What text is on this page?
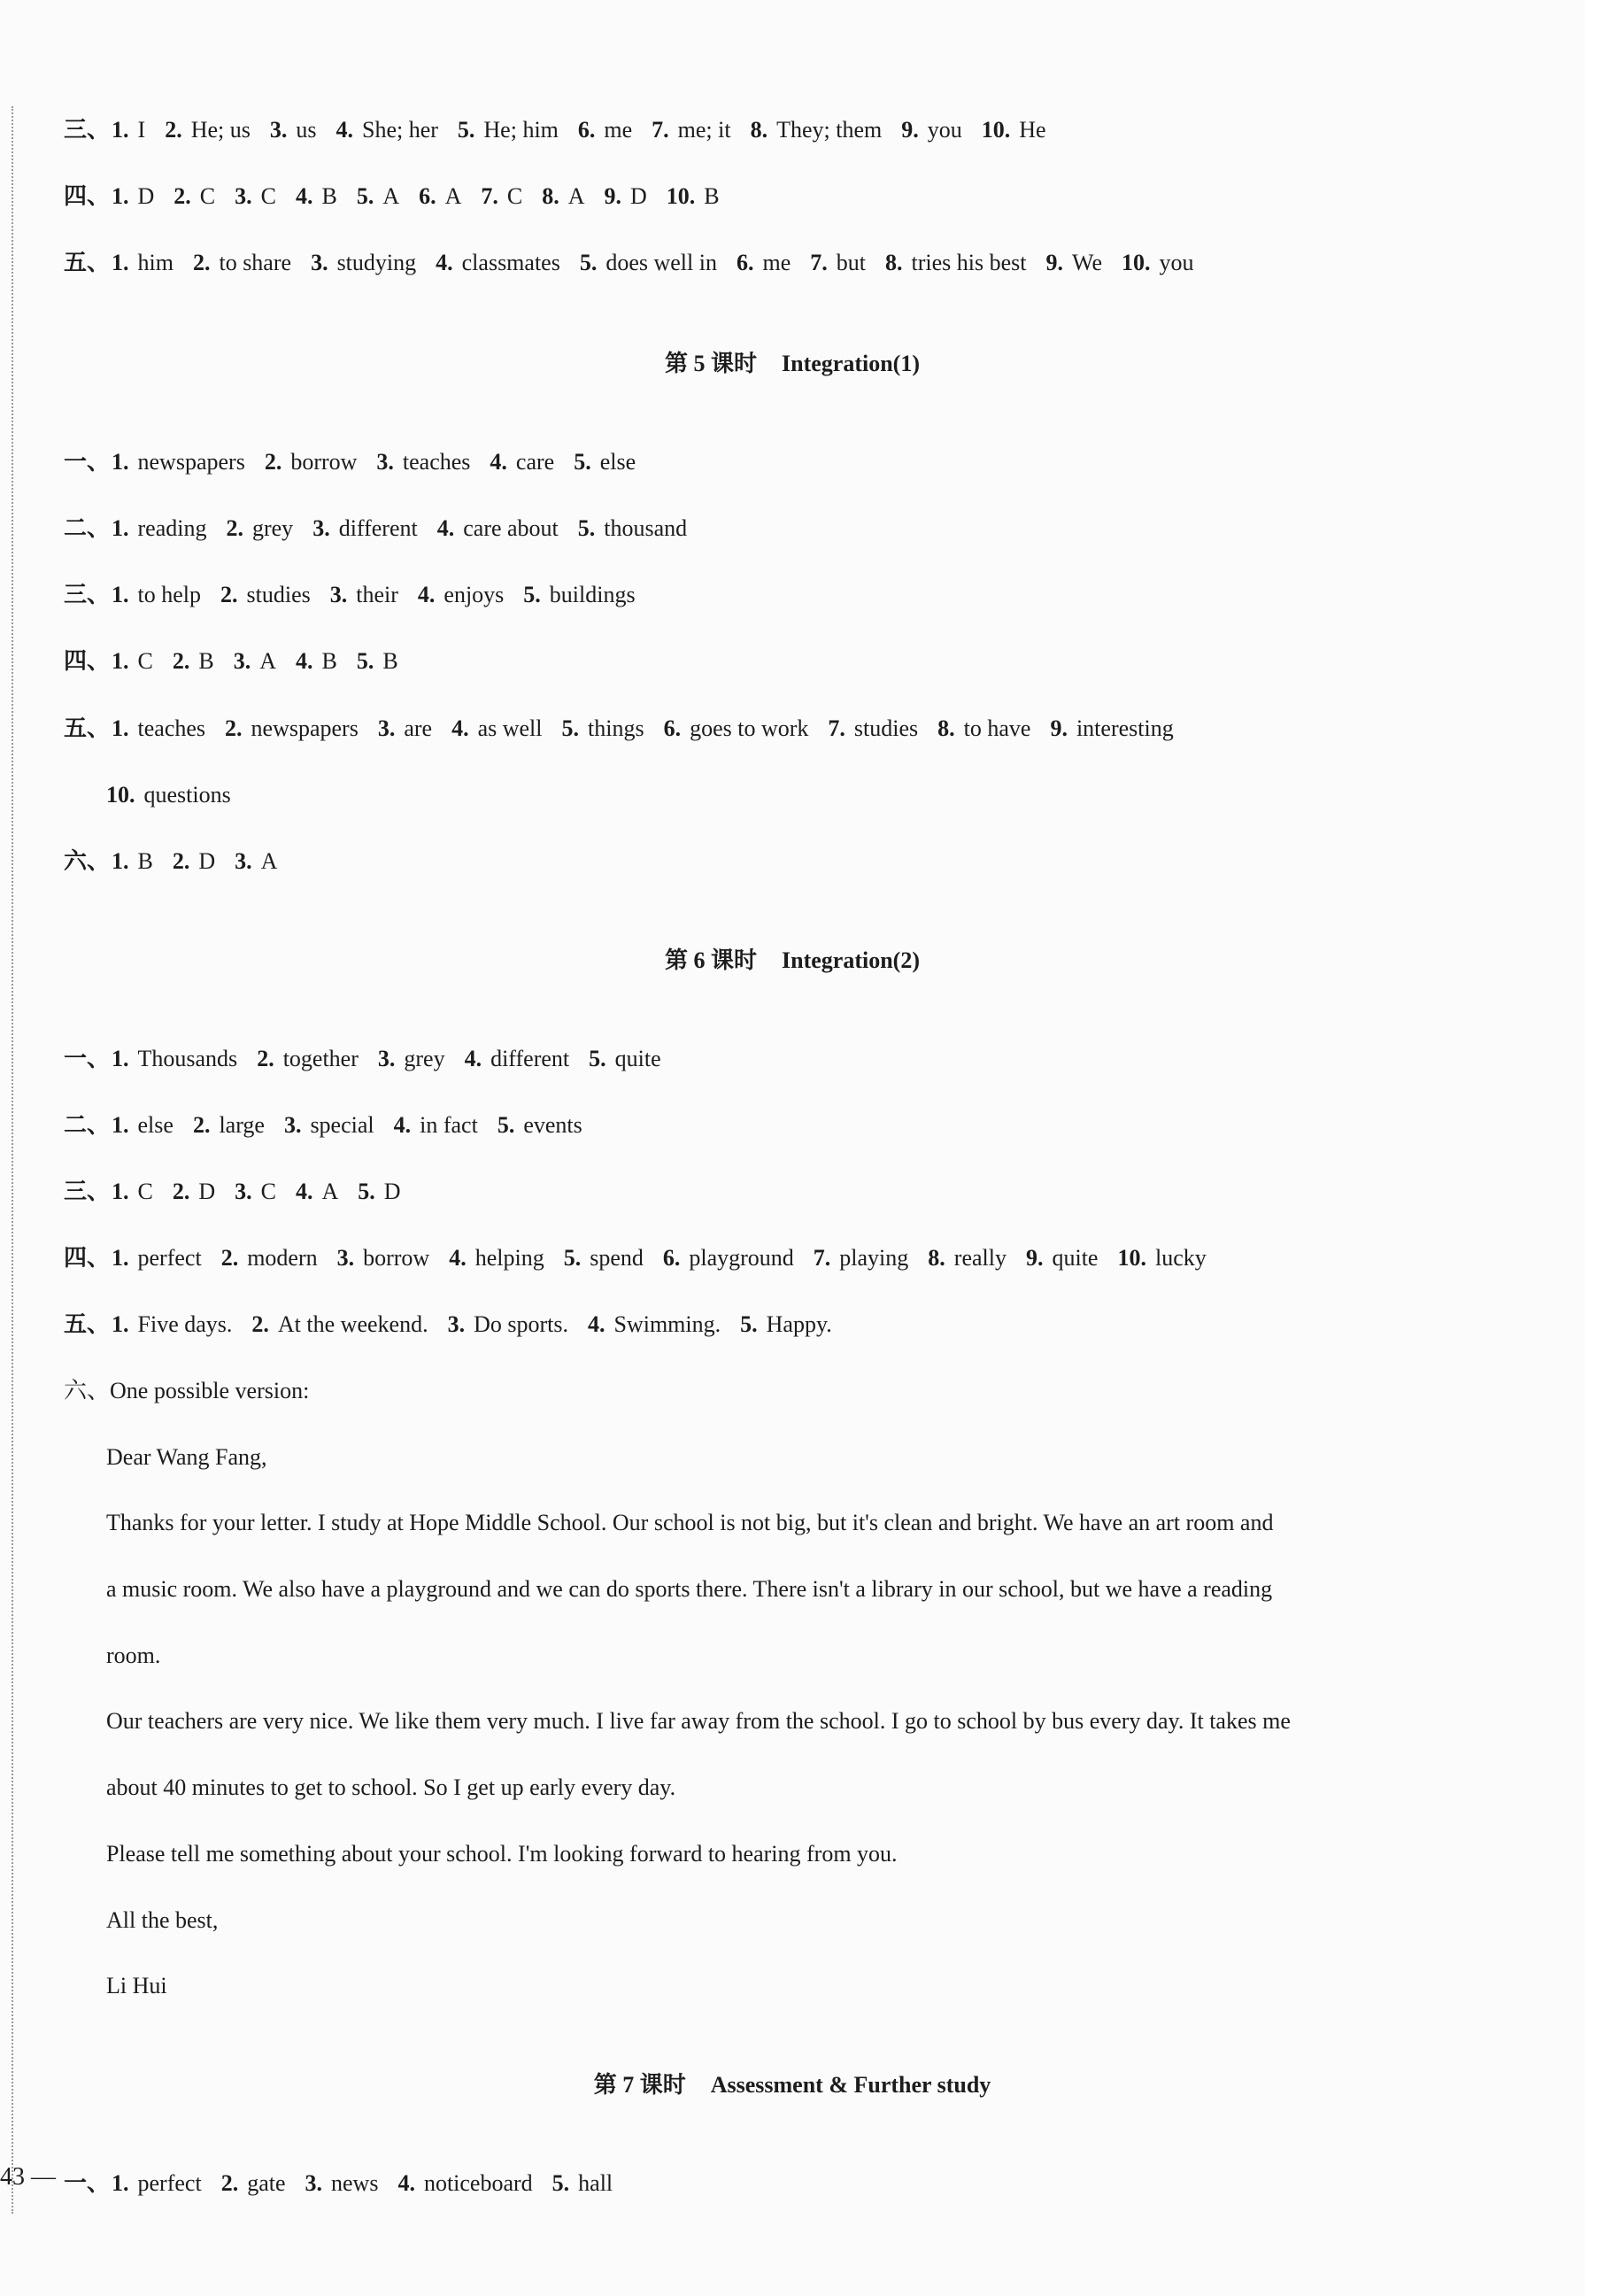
三、1. I 2. He; us 3. us 4. She; her 5. He; him 6. me 7. me; it 8. They; them 9. you 10. He
四、1. D 2. C 3. C 4. B 5. A 6. A 7. C 8. A 9. D 10. B
五、1. him 2. to share 3. studying 4. classmates 5. does well in 6. me 7. but 8. tries his best 9. We 10. you
第 5 课时 Integration(1)
一、1. newspapers 2. borrow 3. teaches 4. care 5. else
二、1. reading 2. grey 3. different 4. care about 5. thousand
三、1. to help 2. studies 3. their 4. enjoys 5. buildings
四、1. C 2. B 3. A 4. B 5. B
五、1. teaches 2. newspapers 3. are 4. as well 5. things 6. goes to work 7. studies 8. to have 9. interesting
10. questions
六、1. B 2. D 3. A
第 6 课时 Integration(2)
一、1. Thousands 2. together 3. grey 4. different 5. quite
二、1. else 2. large 3. special 4. in fact 5. events
三、1. C 2. D 3. C 4. A 5. D
四、1. perfect 2. modern 3. borrow 4. helping 5. spend 6. playground 7. playing 8. really 9. quite 10. lucky
五、1. Five days. 2. At the weekend. 3. Do sports. 4. Swimming. 5. Happy.
六、One possible version:
Dear Wang Fang,
Thanks for your letter. I study at Hope Middle School. Our school is not big, but it's clean and bright. We have an art room and
a music room. We also have a playground and we can do sports there. There isn't a library in our school, but we have a reading
room.
Our teachers are very nice. We like them very much. I live far away from the school. I go to school by bus every day. It takes me
about 40 minutes to get to school. So I get up early every day.
Please tell me something about your school. I'm looking forward to hearing from you.
All the best,
Li Hui
第 7 课时 Assessment & Further study
一、1. perfect 2. gate 3. news 4. noticeboard 5. hall
43 —
